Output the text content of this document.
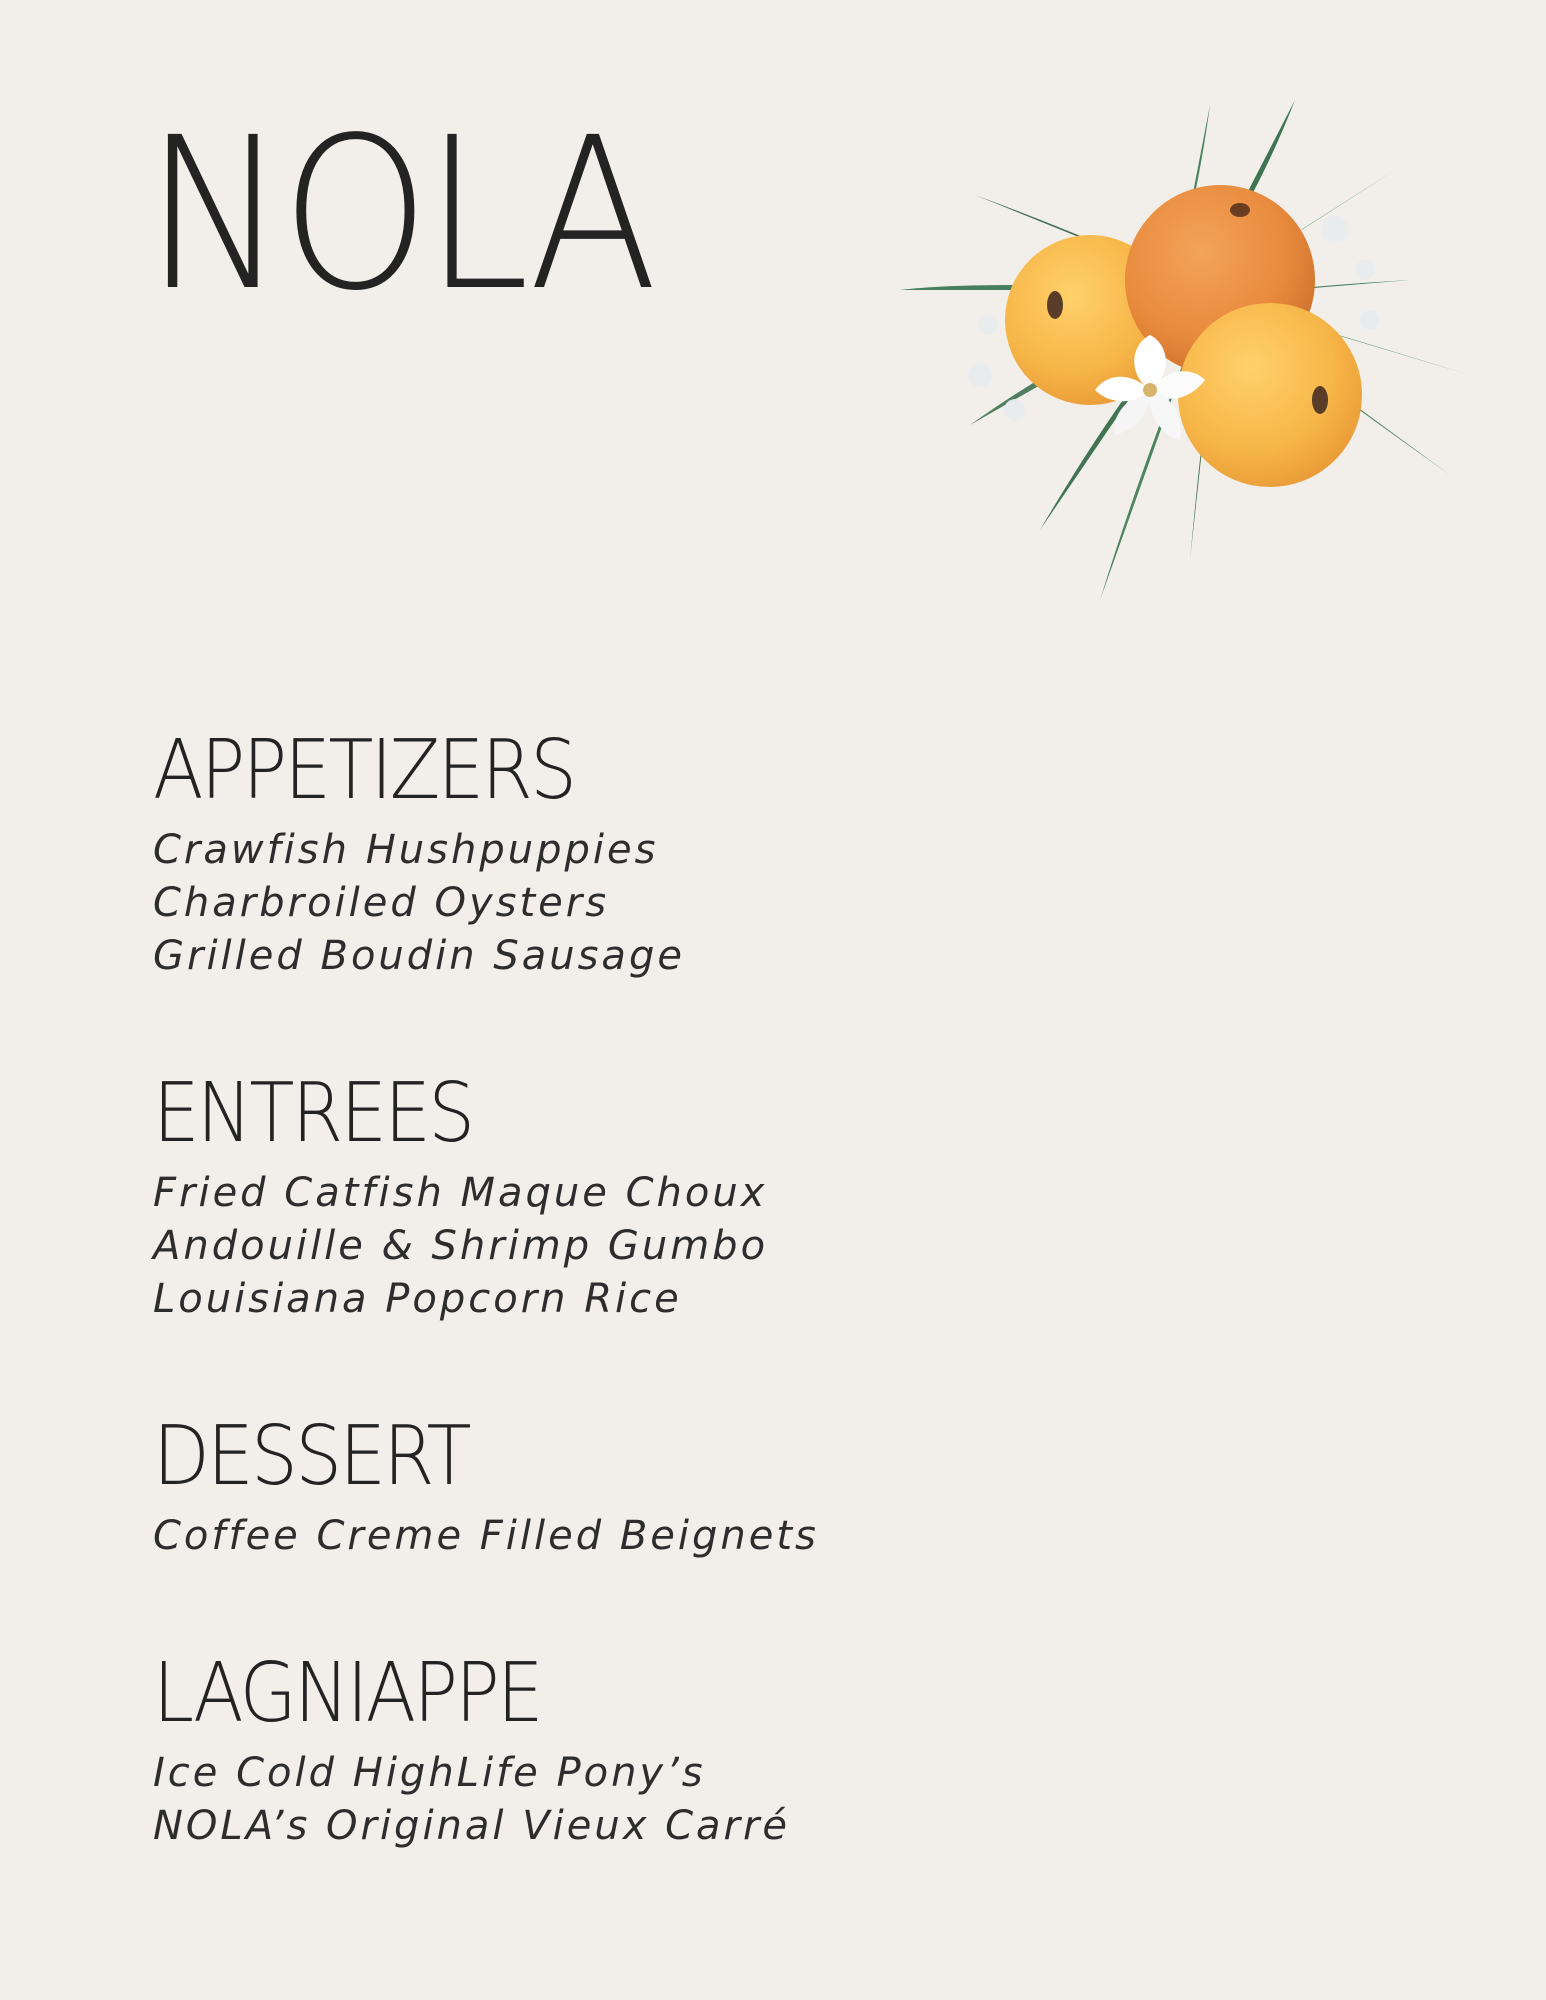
NOLA
APPETIZERS
Crawfish Hushpuppies
Charbroiled Oysters
Grilled Boudin Sausage
ENTREES
Fried Catfish Maque Choux
Andouille & Shrimp Gumbo
Louisiana Popcorn Rice
DESSERT
Coffee Creme Filled Beignets
LAGNIAPPE
Ice Cold HighLife Pony’s
NOLA’s Original Vieux Carré
